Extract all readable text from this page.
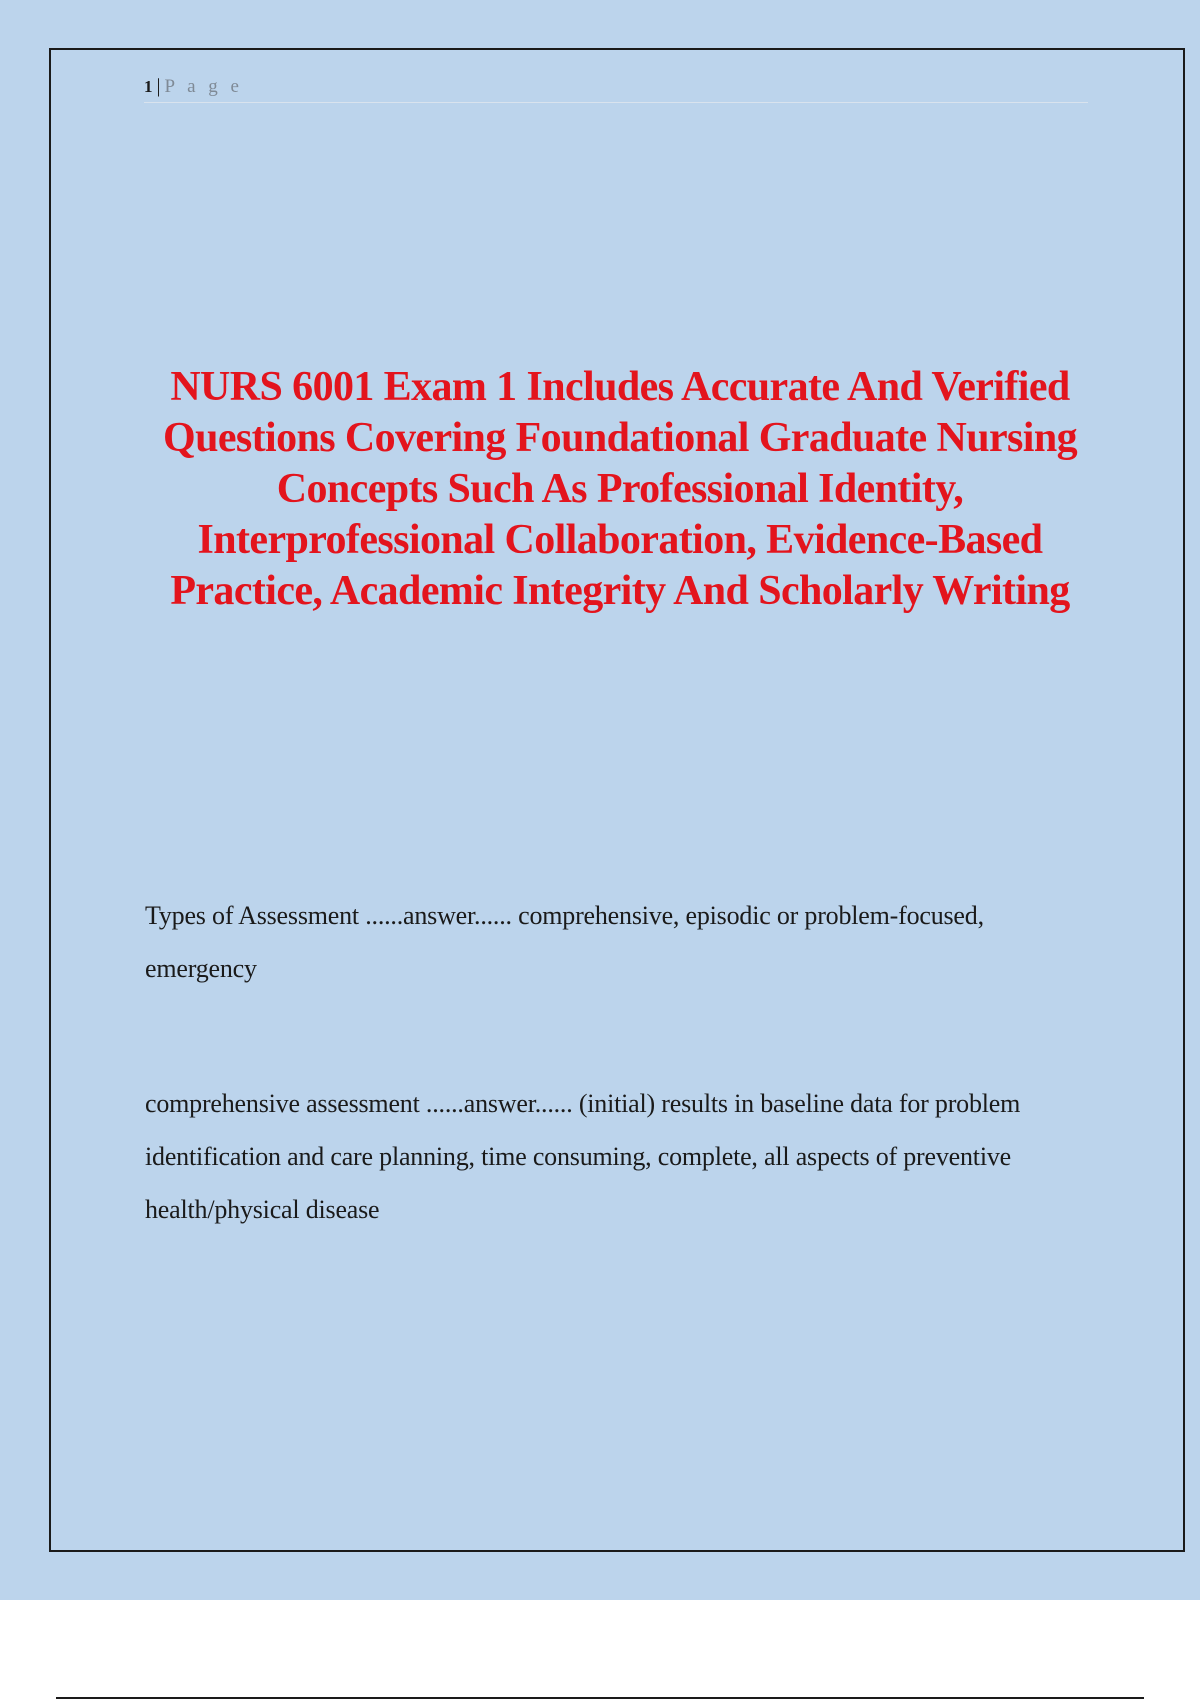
1 | P a g e
NURS 6001 Exam 1 Includes Accurate And Verified Questions Covering Foundational Graduate Nursing Concepts Such As Professional Identity, Interprofessional Collaboration, Evidence-Based Practice, Academic Integrity And Scholarly Writing

Types of Assessment ......answer...... comprehensive, episodic or problem-focused, emergency

comprehensive assessment ......answer...... (initial) results in baseline data for problem identification and care planning, time consuming, complete, all aspects of preventive health/physical disease
